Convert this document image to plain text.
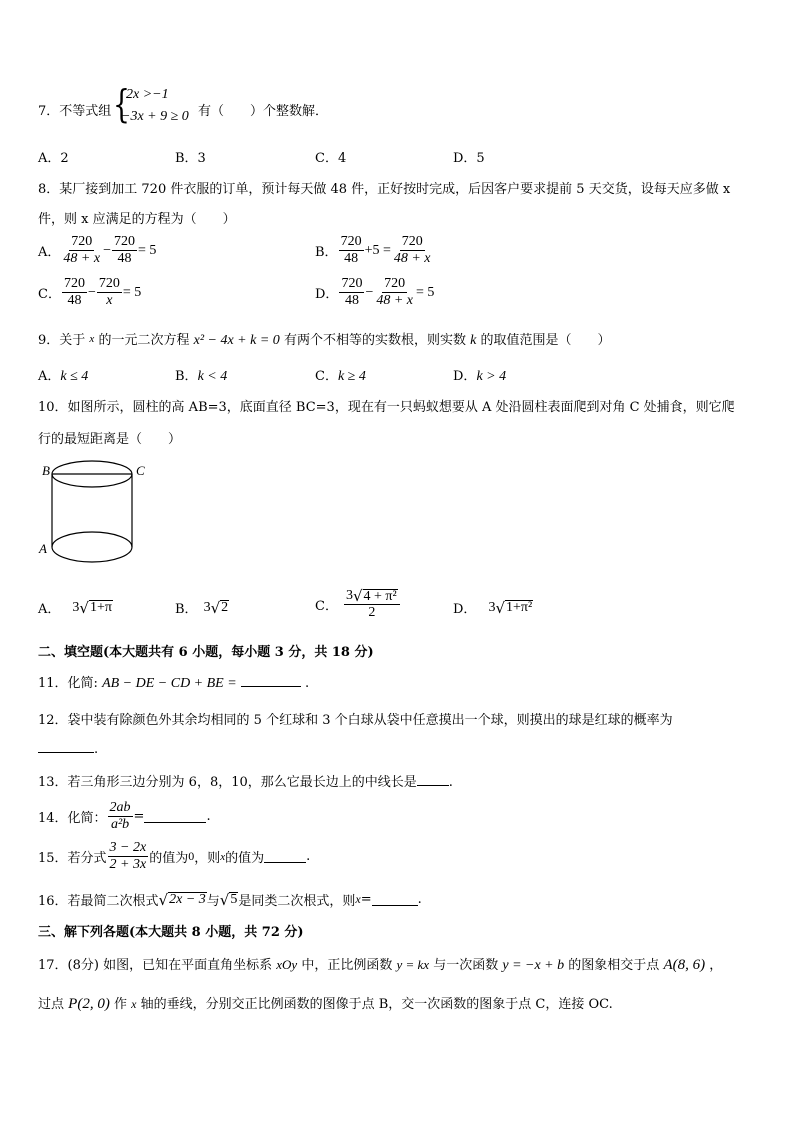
7．不等式组 {
2x >−1
−3x + 9 ≥ 0 有（　　）个整数解．
A．2	B．3	C．4	D．5
8．某厂接到加工 720 件衣服的订单，预计每天做 48 件，正好按时完成，后因客户要求提前 5 天交货，设每天应多做 x
件，则 x 应满足的方程为（　　）
A． $\frac{720}{48 + x} - \frac{720}{48} = 5$	B． $\frac{720}{48} +5 = \frac{720}{48 + x}$
C． $\frac{720}{48} - \frac{720}{x} = 5$	D． $\frac{720}{48} - \frac{720}{48 + x} = 5$
9．关于 x 的一元二次方程 x² − 4x + k = 0 有两个不相等的实数根，则实数 k 的取值范围是（　　）
A．k ≤ 4	B．k < 4	C．k ≥ 4	D．k > 4
10．如图所示，圆柱的高 AB=3，底面直径 BC=3，现在有一只蚂蚁想要从 A 处沿圆柱表面爬到对角 C 处捕食，则它爬
行的最短距离是（　　）
B	C
A
A． 3 √ 1+π	B． 3 √ 2	C． $\frac{\text{3 √ 4 + π²}}{2}$	D． 3 √ 1+π²
二、填空题(本大题共有 6 小题，每小题 3 分，共 18 分)
11．化简: AB − DE − CD + BE =	.
12．袋中装有除颜色外其余均相同的 5 个红球和 3 个白球从袋中任意摸出一个球，则摸出的球是红球的概率为
.
13．若三角形三边分别为 6，8，10，那么它最长边上的中线长是 .
14．化简： $\frac{2ab}{\text{a²b}}$ =	.
15．若分式 $\frac{3 - 2x}{2 + 3x}$ 的值为 0 ，则 x 的值为	.
16．若最简二次根式 √ 2x − 3 与 √ 5 是同类二次根式，则 x =	.
三、解下列各题(本大题共 8 小题，共 72 分)
17．(8分) 如图，已知在平面直角坐标系 xOy 中，正比例函数 y = kx 与一次函数 y = −x + b 的图象相交于点 A(8, 6) ，
过点 P(2, 0) 作 x 轴的垂线，分别交正比例函数的图像于点 B，交一次函数的图象于点 C，连接 OC.
